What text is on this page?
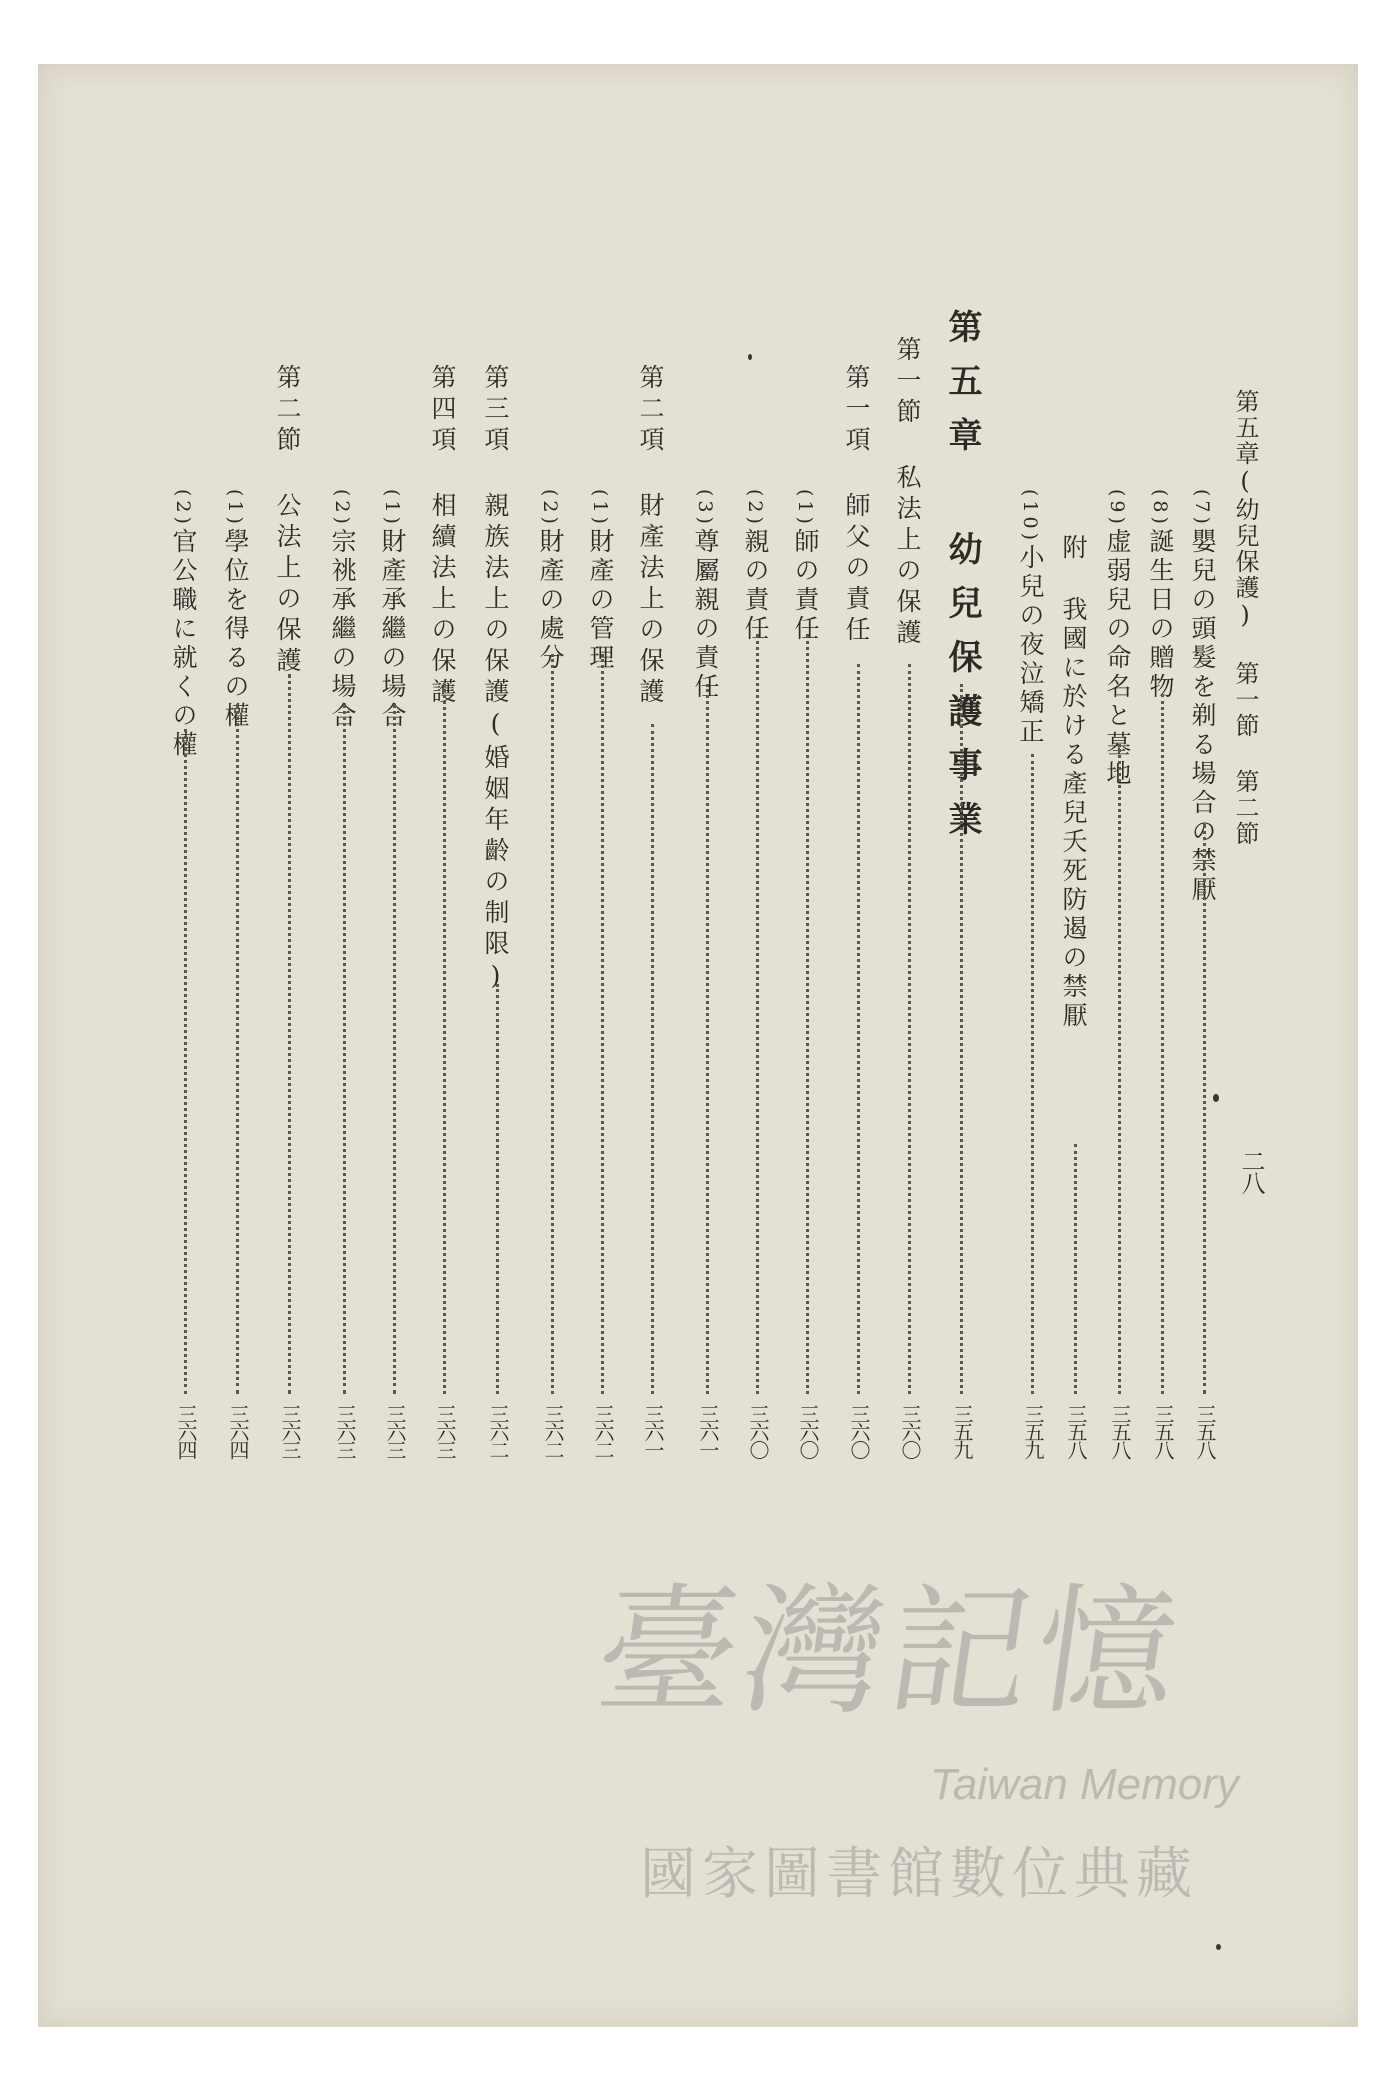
第五章(幼兒保護) 第一節 第二節
二八
(7)嬰兒の頭髮を剃る場合の禁厭
三五八
(8)誕生日の贈物
三五八
(9)虚弱兒の命名と墓地
三五八
附 我國に於ける產兒夭死防遏の禁厭
三五八
(10)小兒の夜泣矯正
三五九
第五章 幼兒保護事業
三五九
第一節 私法上の保護
三六〇
第一項 師父の責任
三六〇
(1)師の責任
三六〇
(2)親の責任
三六〇
(3)尊屬親の責任
三六一
第二項 財產法上の保護
三六一
(1)財產の管理
三六二
(2)財產の處分
三六二
第三項 親族法上の保護(婚姻年齡の制限)
三六二
第四項 相續法上の保護
三六三
(1)財產承繼の場合
三六三
(2)宗祧承繼の場合
三六三
第二節 公法上の保護
三六三
(1)學位を得るの權
三六四
(2)官公職に就くの權
三六四
臺灣記憶
Taiwan Memory
國家圖書館數位典藏
